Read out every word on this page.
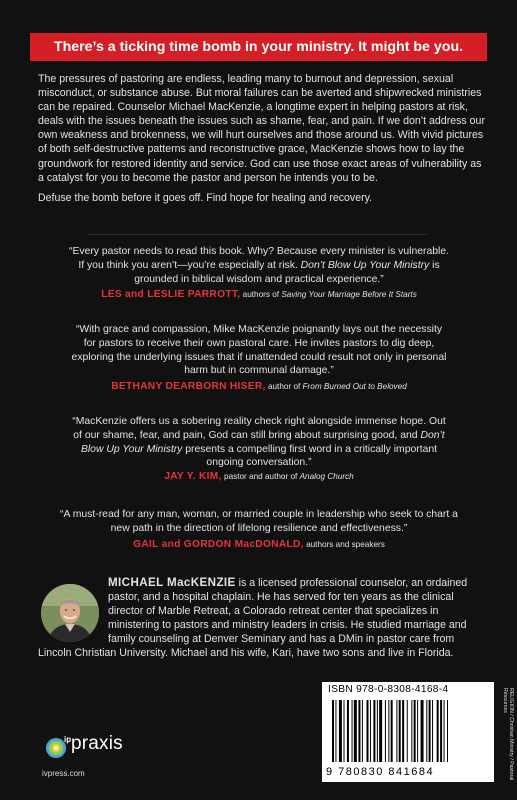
There’s a ticking time bomb in your ministry. It might be you.

The pressures of pastoring are endless, leading many to burnout and depression, sexual misconduct, or substance abuse. But moral failures can be averted and shipwrecked ministries can be repaired. Counselor Michael MacKenzie, a longtime expert in helping pastors at risk, deals with the issues beneath the issues such as shame, fear, and pain. If we don’t address our own weakness and brokenness, we will hurt ourselves and those around us. With vivid pictures of both self-destructive patterns and reconstructive grace, MacKenzie shows how to lay the groundwork for restored identity and service. God can use those exact areas of vulnerability as a catalyst for you to become the pastor and person he intends you to be.

Defuse the bomb before it goes off. Find hope for healing and recovery.

“Every pastor needs to read this book. Why? Because every minister is vulnerable. If you think you aren’t—you’re especially at risk. Don’t Blow Up Your Ministry is grounded in biblical wisdom and practical experience.”

LES and LESLIE PARROTT, authors of Saving Your Marriage Before It Starts

“With grace and compassion, Mike MacKenzie poignantly lays out the necessity for pastors to receive their own pastoral care. He invites pastors to dig deep, exploring the underlying issues that if unattended could result not only in personal harm but in communal damage.”

BETHANY DEARBORN HISER, author of From Burned Out to Beloved

“MacKenzie offers us a sobering reality check right alongside immense hope. Out of our shame, fear, and pain, God can still bring about surprising good, and Don’t Blow Up Your Ministry presents a compelling first word in a critically important ongoing conversation.”

JAY Y. KIM, pastor and author of Analog Church

“A must-read for any man, woman, or married couple in leadership who seek to chart a new path in the direction of lifelong resilience and effectiveness.”

GAIL and GORDON MacDONALD, authors and speakers

MICHAEL MacKENZIE is a licensed professional counselor, an ordained pastor, and a hospital chaplain. He has served for ten years as the clinical director of Marble Retreat, a Colorado retreat center that specializes in ministering to pastors and ministry leaders in crisis. He studied marriage and family counseling at Denver Seminary and has a DMin in pastor care from Lincoln Christian University. Michael and his wife, Kari, have two sons and live in Florida.
ISBN 978-0-8308-4168-4
9 780830 841684	RELIGION / Christian Ministry / Pastoral Resources
ip praxis
ivpress.com
